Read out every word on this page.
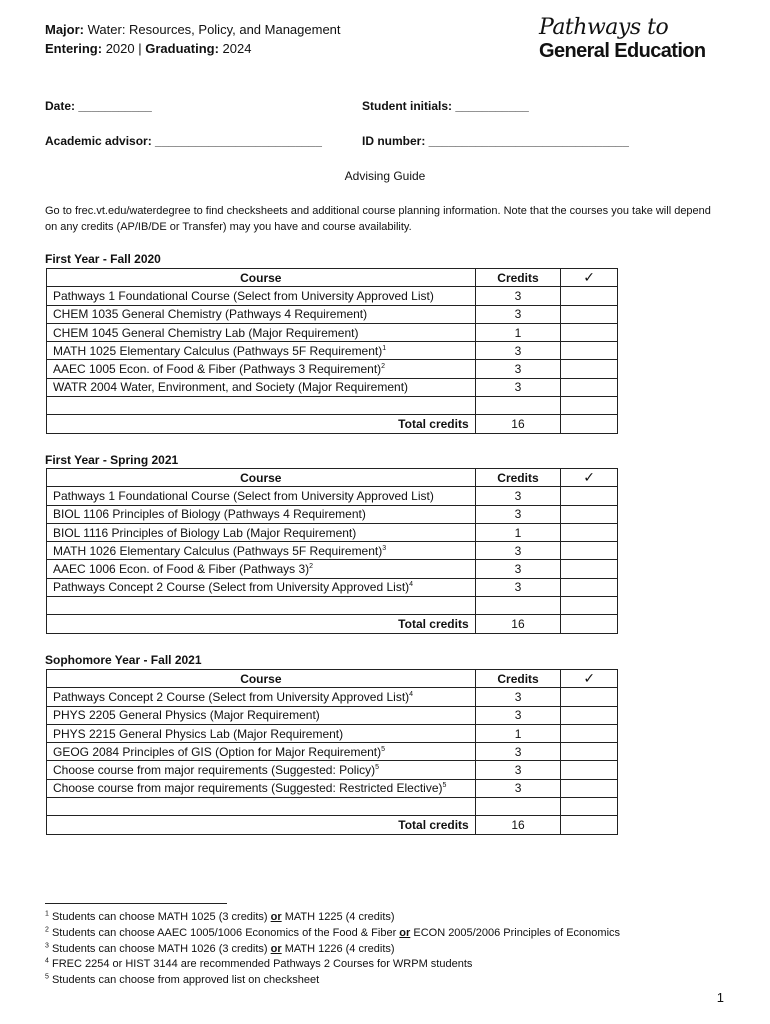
Major: Water: Resources, Policy, and Management
Entering: 2020 | Graduating: 2024
Pathways to
General Education
Date: ___________	Student initials: ___________
Academic advisor: _________________________	ID number: ______________________________
Advising Guide
Go to frec.vt.edu/waterdegree to find checksheets and additional course planning information. Note that the courses you take will depend on any credits (AP/IB/DE or Transfer) may you have and course availability.
First Year - Fall 2020
Course	Credits	✓
Pathways 1 Foundational Course (Select from University Approved List)	3	
CHEM 1035 General Chemistry (Pathways 4 Requirement)	3	
CHEM 1045 General Chemistry Lab (Major Requirement)	1	
MATH 1025 Elementary Calculus (Pathways 5F Requirement)$^1$	3	
AAEC 1005 Econ. of Food & Fiber (Pathways 3 Requirement)$^2$	3	
WATR 2004 Water, Environment, and Society (Major Requirement)	3	

Total credits	16	
First Year - Spring 2021
Course	Credits	✓
Pathways 1 Foundational Course (Select from University Approved List)	3	
BIOL 1106 Principles of Biology (Pathways 4 Requirement)	3	
BIOL 1116 Principles of Biology Lab (Major Requirement)	1	
MATH 1026 Elementary Calculus (Pathways 5F Requirement)$^3$	3	
AAEC 1006 Econ. of Food & Fiber (Pathways 3)$^2$	3	
Pathways Concept 2 Course (Select from University Approved List)$^4$	3	

Total credits	16	
Sophomore Year - Fall 2021
Course	Credits	✓
Pathways Concept 2 Course (Select from University Approved List)$^4$	3	
PHYS 2205 General Physics (Major Requirement)	3	
PHYS 2215 General Physics Lab (Major Requirement)	1	
GEOG 2084 Principles of GIS (Option for Major Requirement)$^5$	3	
Choose course from major requirements (Suggested: Policy)$^5$	3	
Choose course from major requirements (Suggested: Restricted Elective)$^5$	3	

Total credits	16	
$^1$ Students can choose MATH 1025 (3 credits) or MATH 1225 (4 credits)
$^2$ Students can choose AAEC 1005/1006 Economics of the Food & Fiber or ECON 2005/2006 Principles of Economics
$^3$ Students can choose MATH 1026 (3 credits) or MATH 1226 (4 credits)
$^4$ FREC 2254 or HIST 3144 are recommended Pathways 2 Courses for WRPM students
$^5$ Students can choose from approved list on checksheet
1
